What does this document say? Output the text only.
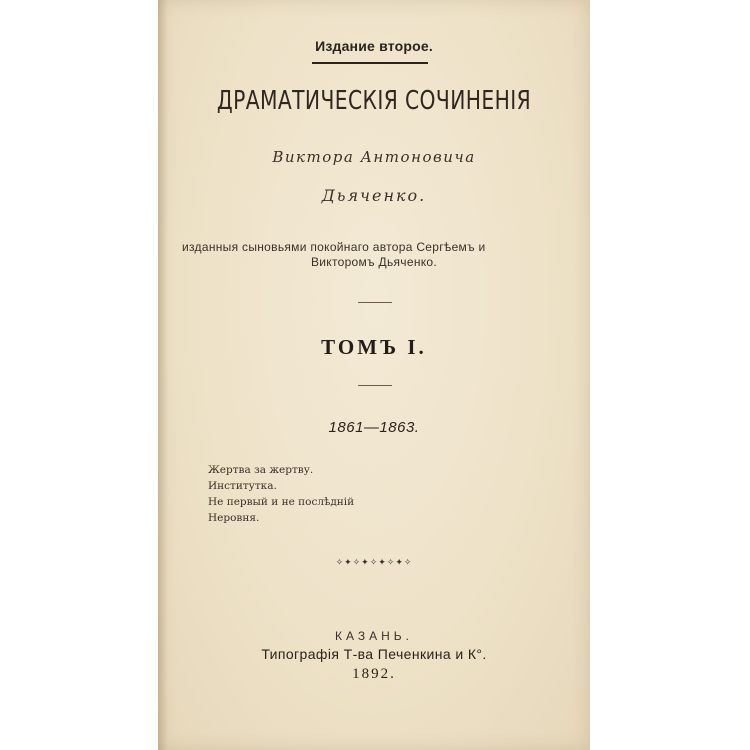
Издание второе.
ДРАМАТИЧЕСКІЯ СОЧИНЕНІЯ
Виктора Антоновича
Дьяченко.
изданныя сыновьями покойнаго автора Сергѣемъ и
Викторомъ Дьяченко.
ТОМЪ I.
1861—1863.
Жертва за жертву.
Институтка.
Не первый и не послѣдній
Неровня.
✧✦✧✦✧✦✧✦✧
КАЗАНЬ.
Типографія Т-ва Печенкина и К°.
1892.
